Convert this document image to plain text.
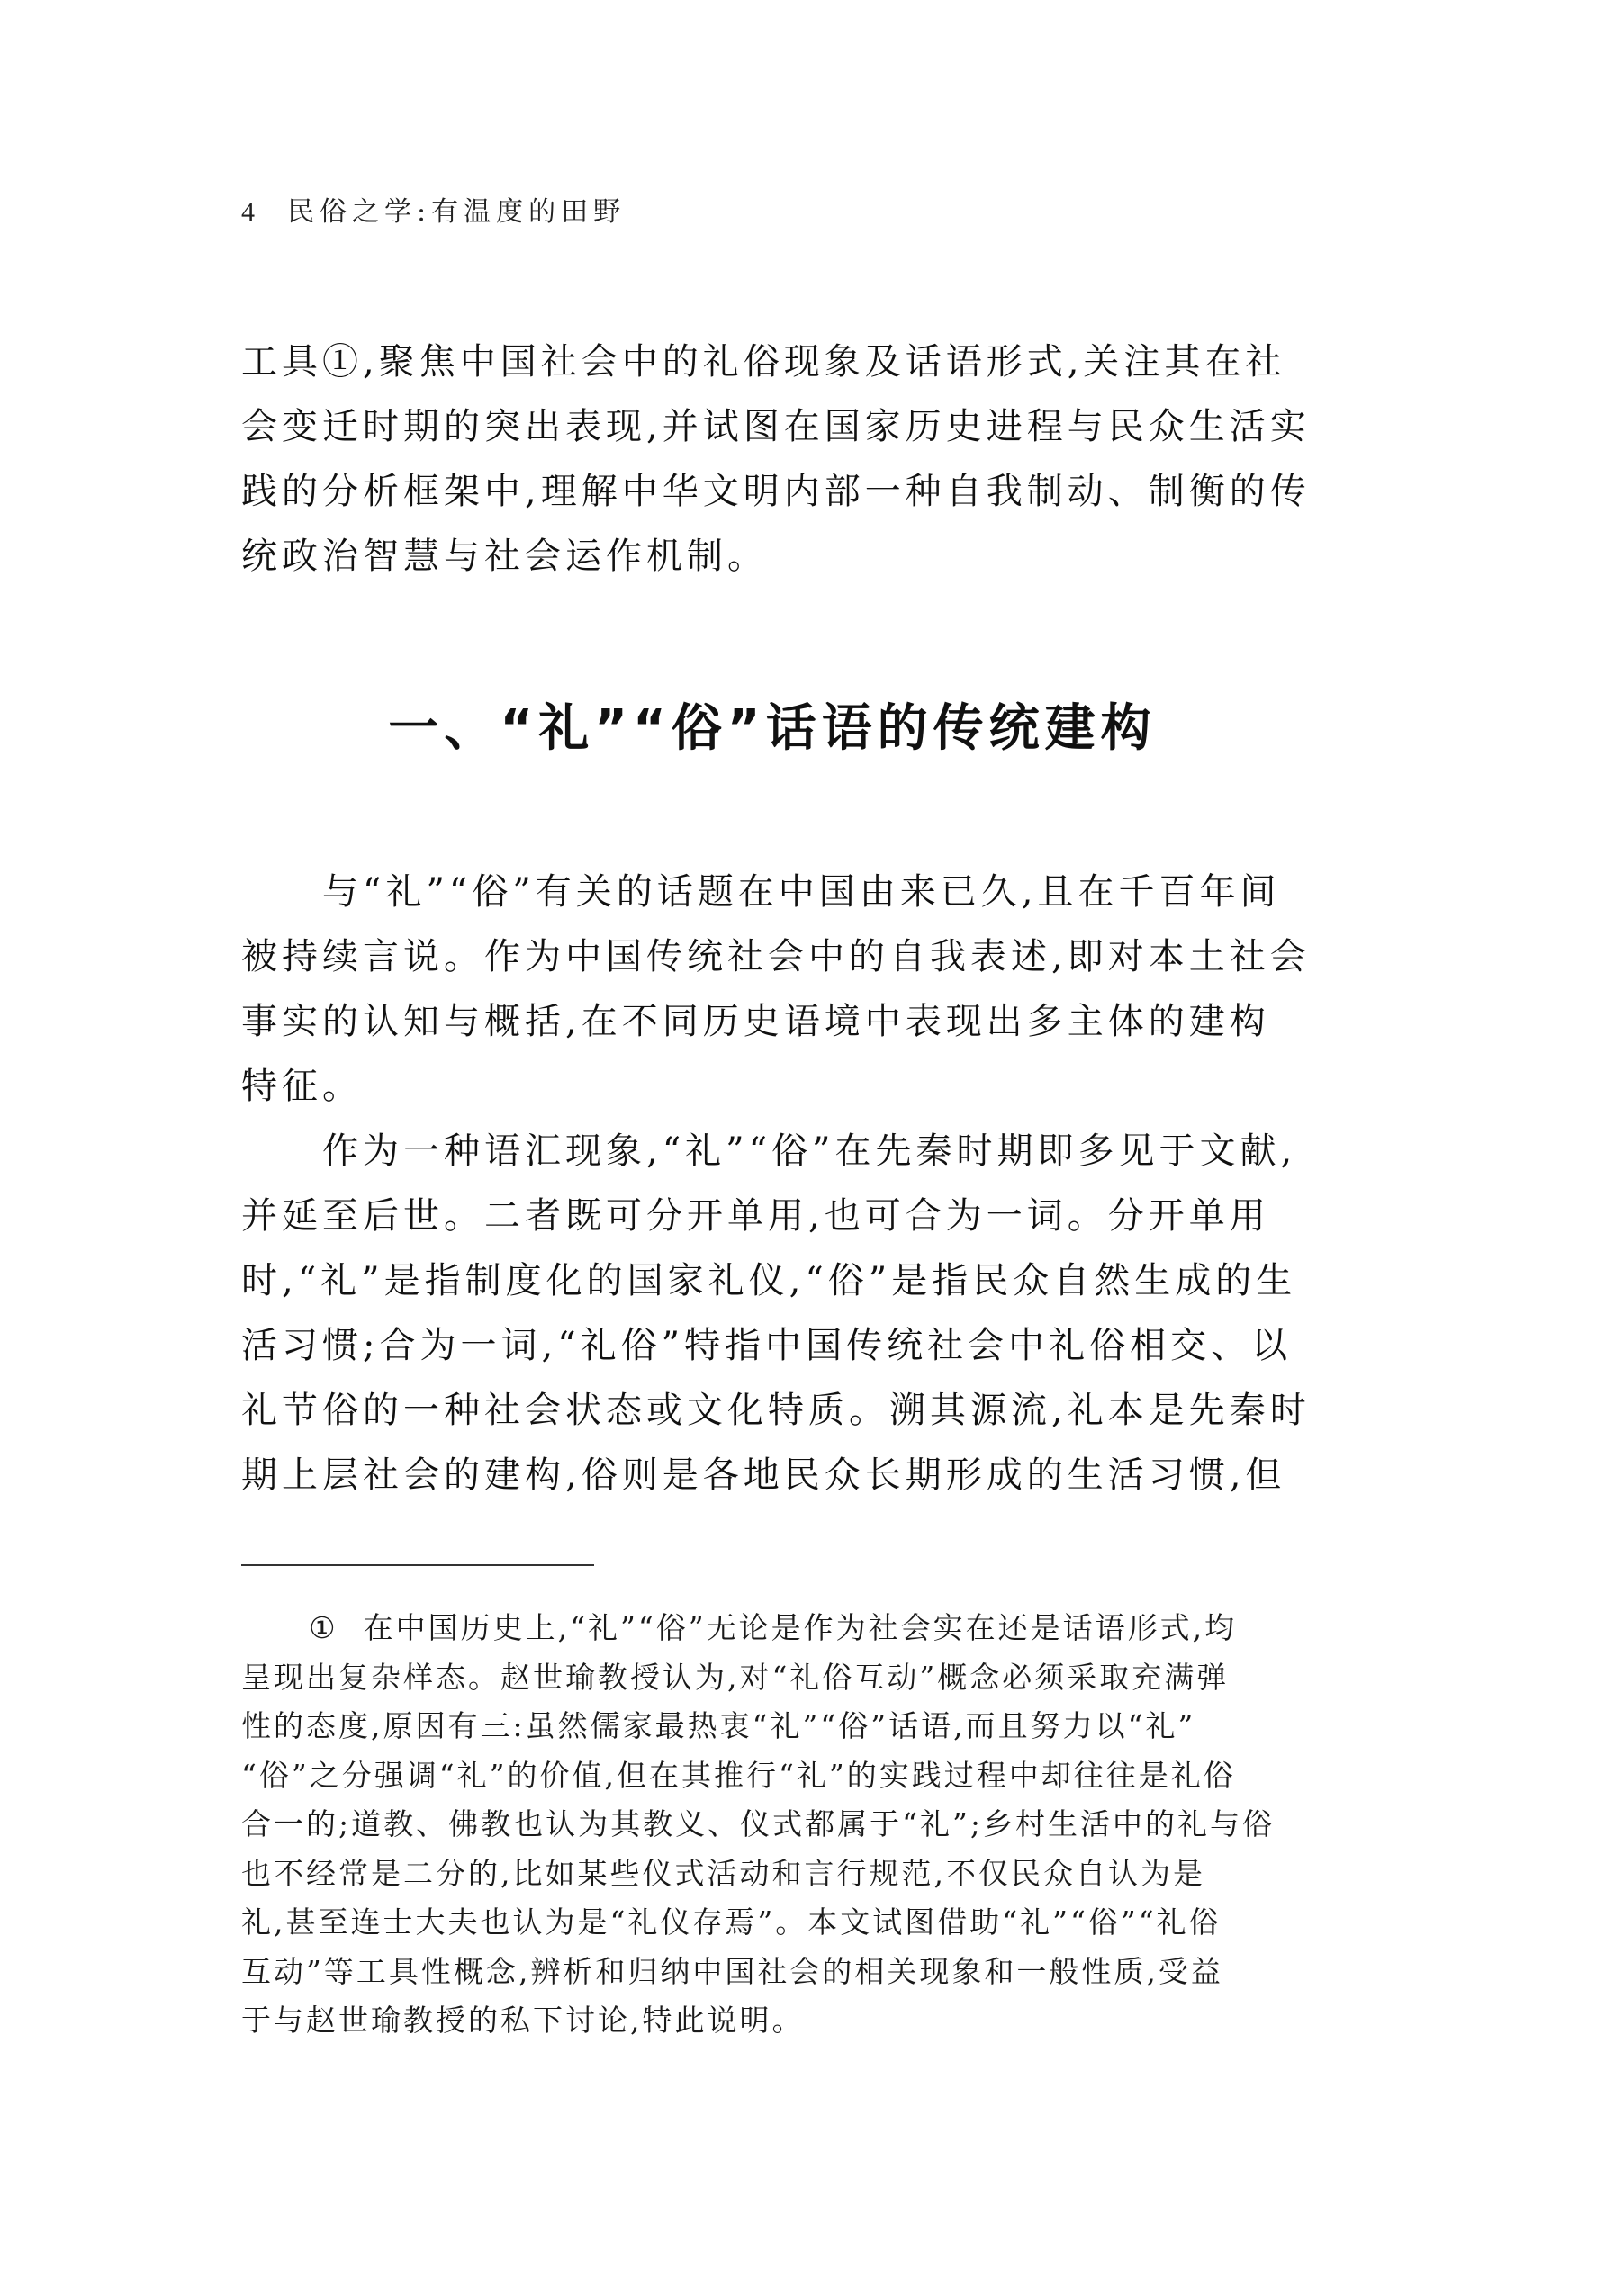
4 民俗之学:有温度的田野

工具①,聚焦中国社会中的礼俗现象及话语形式,关注其在社
会变迁时期的突出表现,并试图在国家历史进程与民众生活实
践的分析框架中,理解中华文明内部一种自我制动、制衡的传
统政治智慧与社会运作机制。

一、“礼”“俗”话语的传统建构

与“礼”“俗”有关的话题在中国由来已久,且在千百年间
被持续言说。作为中国传统社会中的自我表述,即对本土社会
事实的认知与概括,在不同历史语境中表现出多主体的建构
特征。

作为一种语汇现象,“礼”“俗”在先秦时期即多见于文献,
并延至后世。二者既可分开单用,也可合为一词。分开单用
时,“礼”是指制度化的国家礼仪,“俗”是指民众自然生成的生
活习惯;合为一词,“礼俗”特指中国传统社会中礼俗相交、以
礼节俗的一种社会状态或文化特质。溯其源流,礼本是先秦时
期上层社会的建构,俗则是各地民众长期形成的生活习惯,但

① 在中国历史上,“礼”“俗”无论是作为社会实在还是话语形式,均
呈现出复杂样态。赵世瑜教授认为,对“礼俗互动”概念必须采取充满弹
性的态度,原因有三:虽然儒家最热衷“礼”“俗”话语,而且努力以“礼”
“俗”之分强调“礼”的价值,但在其推行“礼”的实践过程中却往往是礼俗
合一的;道教、佛教也认为其教义、仪式都属于“礼”;乡村生活中的礼与俗
也不经常是二分的,比如某些仪式活动和言行规范,不仅民众自认为是
礼,甚至连士大夫也认为是“礼仪存焉”。本文试图借助“礼”“俗”“礼俗
互动”等工具性概念,辨析和归纳中国社会的相关现象和一般性质,受益
于与赵世瑜教授的私下讨论,特此说明。
